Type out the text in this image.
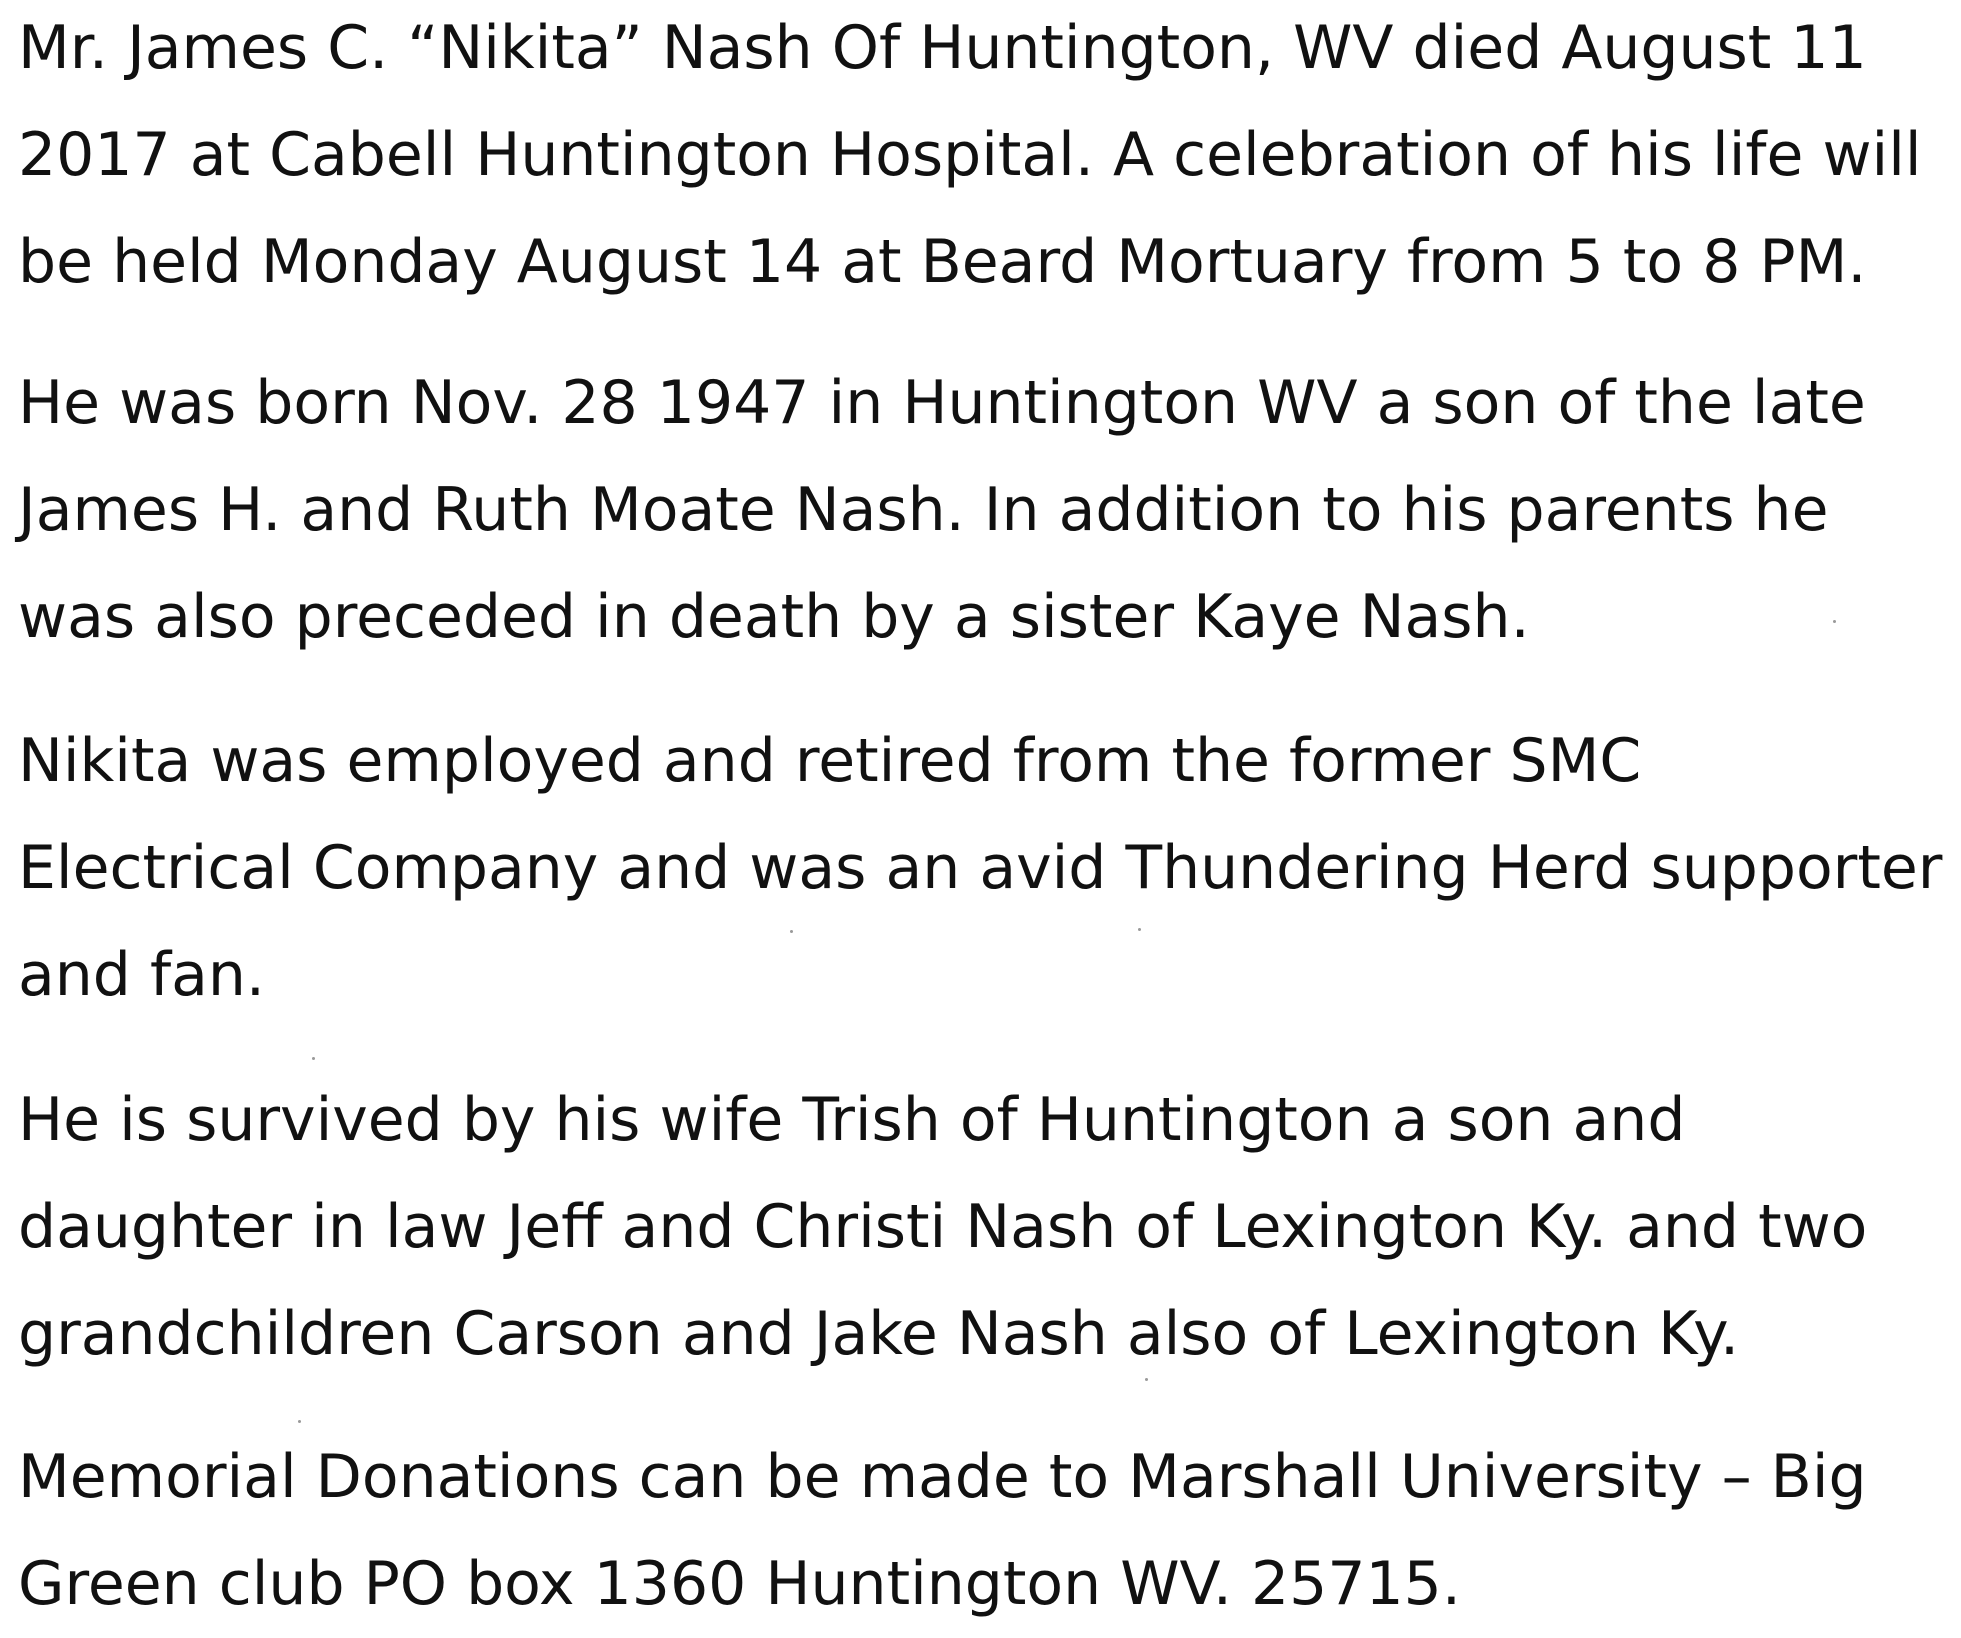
Mr. James C. “Nikita” Nash Of Huntington, WV died August 11

2017 at Cabell Huntington Hospital. A celebration of his life will

be held Monday August 14 at Beard Mortuary from 5 to 8 PM.

He was born Nov. 28 1947 in Huntington WV a son of the late

James H. and Ruth Moate Nash. In addition to his parents he

was also preceded in death by a sister Kaye Nash.

Nikita was employed and retired from the former SMC

Electrical Company and was an avid Thundering Herd supporter

and fan.

He is survived by his wife Trish of Huntington a son and

daughter in law Jeff and Christi Nash of Lexington Ky. and two

grandchildren Carson and Jake Nash also of Lexington Ky.

Memorial Donations can be made to Marshall University – Big

Green club PO box 1360 Huntington WV. 25715.
